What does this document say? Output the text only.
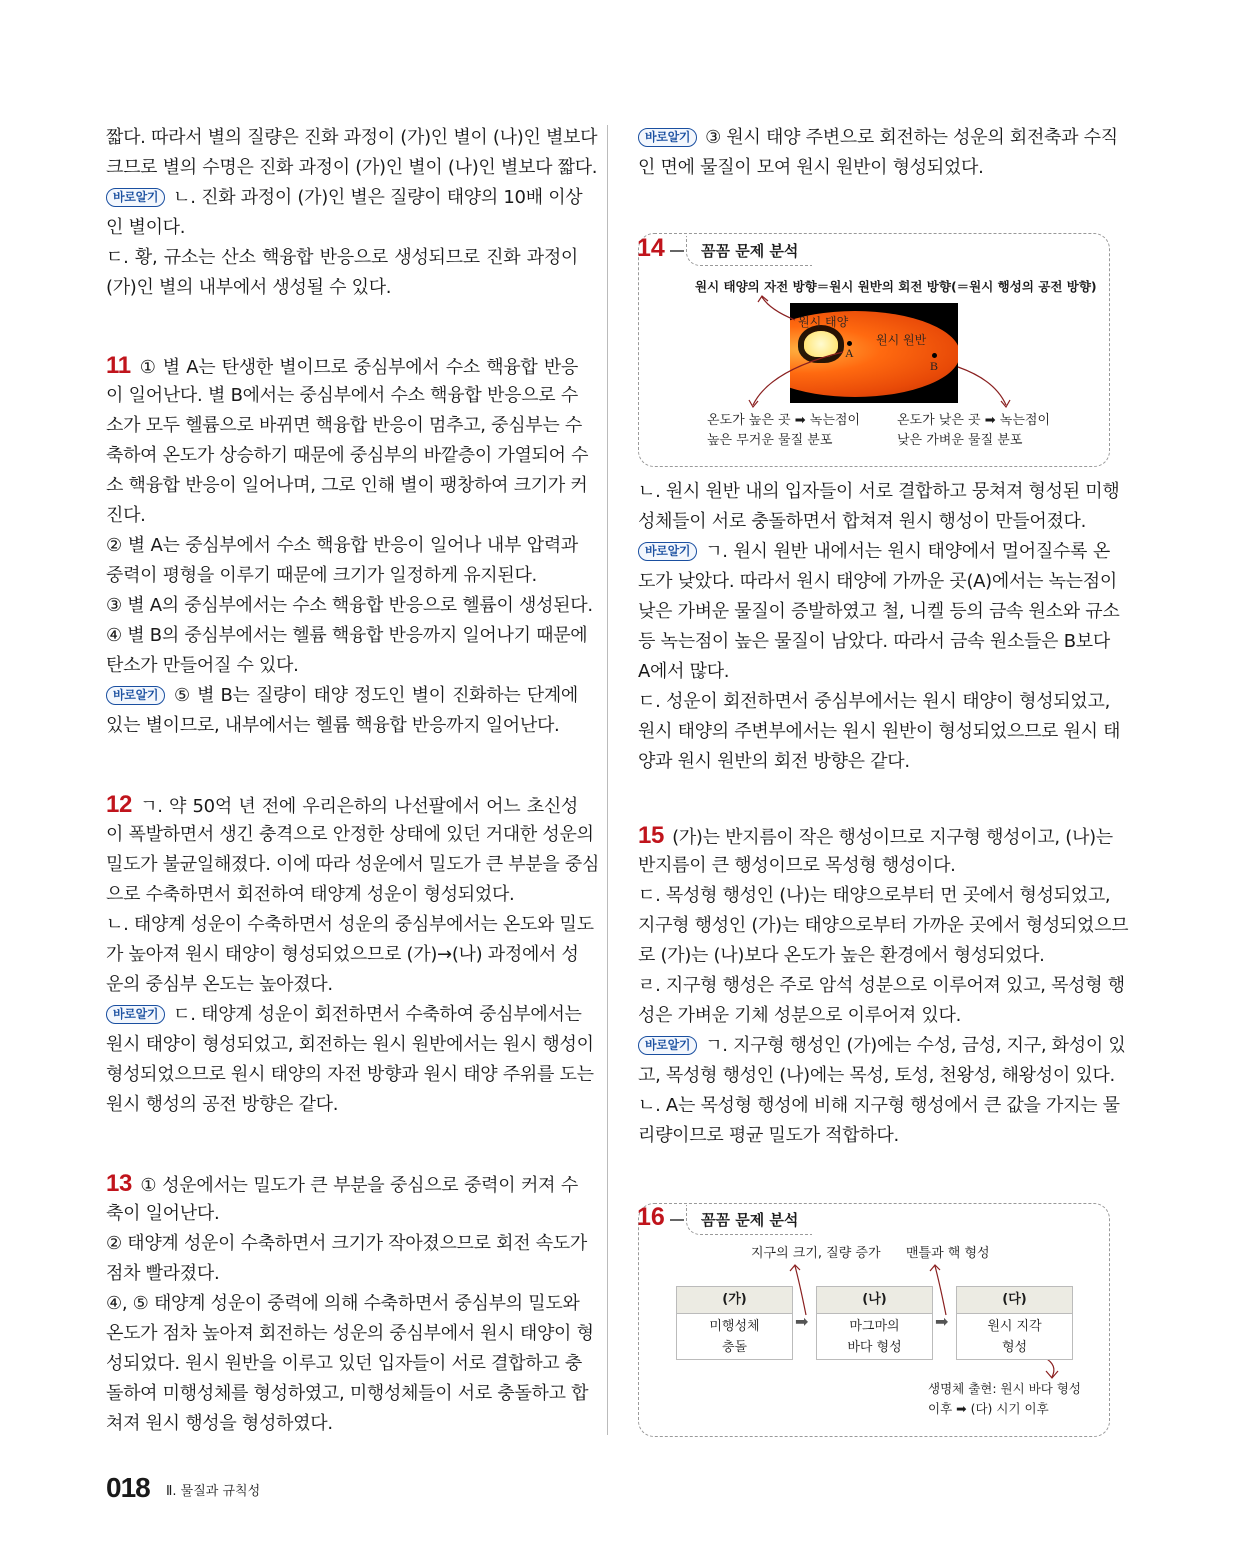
짧다. 따라서 별의 질량은 진화 과정이 (가)인 별이 (나)인 별보다
크므로 별의 수명은 진화 과정이 (가)인 별이 (나)인 별보다 짧다.
바로알기 ㄴ. 진화 과정이 (가)인 별은 질량이 태양의 10배 이상
인 별이다.
ㄷ. 황, 규소는 산소 핵융합 반응으로 생성되므로 진화 과정이
(가)인 별의 내부에서 생성될 수 있다.
11 ① 별 A는 탄생한 별이므로 중심부에서 수소 핵융합 반응
이 일어난다. 별 B에서는 중심부에서 수소 핵융합 반응으로 수
소가 모두 헬륨으로 바뀌면 핵융합 반응이 멈추고, 중심부는 수
축하여 온도가 상승하기 때문에 중심부의 바깥층이 가열되어 수
소 핵융합 반응이 일어나며, 그로 인해 별이 팽창하여 크기가 커
진다.
② 별 A는 중심부에서 수소 핵융합 반응이 일어나 내부 압력과
중력이 평형을 이루기 때문에 크기가 일정하게 유지된다.
③ 별 A의 중심부에서는 수소 핵융합 반응으로 헬륨이 생성된다.
④ 별 B의 중심부에서는 헬륨 핵융합 반응까지 일어나기 때문에
탄소가 만들어질 수 있다.
바로알기 ⑤ 별 B는 질량이 태양 정도인 별이 진화하는 단계에
있는 별이므로, 내부에서는 헬륨 핵융합 반응까지 일어난다.
12 ㄱ. 약 50억 년 전에 우리은하의 나선팔에서 어느 초신성
이 폭발하면서 생긴 충격으로 안정한 상태에 있던 거대한 성운의
밀도가 불균일해졌다. 이에 따라 성운에서 밀도가 큰 부분을 중심
으로 수축하면서 회전하여 태양계 성운이 형성되었다.
ㄴ. 태양계 성운이 수축하면서 성운의 중심부에서는 온도와 밀도
가 높아져 원시 태양이 형성되었으므로 (가)→(나) 과정에서 성
운의 중심부 온도는 높아졌다.
바로알기 ㄷ. 태양계 성운이 회전하면서 수축하여 중심부에서는
원시 태양이 형성되었고, 회전하는 원시 원반에서는 원시 행성이
형성되었으므로 원시 태양의 자전 방향과 원시 태양 주위를 도는
원시 행성의 공전 방향은 같다.
13 ① 성운에서는 밀도가 큰 부분을 중심으로 중력이 커져 수
축이 일어난다.
② 태양계 성운이 수축하면서 크기가 작아졌으므로 회전 속도가
점차 빨라졌다.
④, ⑤ 태양계 성운이 중력에 의해 수축하면서 중심부의 밀도와
온도가 점차 높아져 회전하는 성운의 중심부에서 원시 태양이 형
성되었다. 원시 원반을 이루고 있던 입자들이 서로 결합하고 충
돌하여 미행성체를 형성하였고, 미행성체들이 서로 충돌하고 합
쳐져 원시 행성을 형성하였다.
바로알기 ③ 원시 태양 주변으로 회전하는 성운의 회전축과 수직
인 면에 물질이 모여 원시 원반이 형성되었다.
ㄴ. 원시 원반 내의 입자들이 서로 결합하고 뭉쳐져 형성된 미행
성체들이 서로 충돌하면서 합쳐져 원시 행성이 만들어졌다.
바로알기 ㄱ. 원시 원반 내에서는 원시 태양에서 멀어질수록 온
도가 낮았다. 따라서 원시 태양에 가까운 곳(A)에서는 녹는점이
낮은 가벼운 물질이 증발하였고 철, 니켈 등의 금속 원소와 규소
등 녹는점이 높은 물질이 남았다. 따라서 금속 원소들은 B보다
A에서 많다.
ㄷ. 성운이 회전하면서 중심부에서는 원시 태양이 형성되었고,
원시 태양의 주변부에서는 원시 원반이 형성되었으므로 원시 태
양과 원시 원반의 회전 방향은 같다.
15 (가)는 반지름이 작은 행성이므로 지구형 행성이고, (나)는
반지름이 큰 행성이므로 목성형 행성이다.
ㄷ. 목성형 행성인 (나)는 태양으로부터 먼 곳에서 형성되었고,
지구형 행성인 (가)는 태양으로부터 가까운 곳에서 형성되었으므
로 (가)는 (나)보다 온도가 높은 환경에서 형성되었다.
ㄹ. 지구형 행성은 주로 암석 성분으로 이루어져 있고, 목성형 행
성은 가벼운 기체 성분으로 이루어져 있다.
바로알기 ㄱ. 지구형 행성인 (가)에는 수성, 금성, 지구, 화성이 있
고, 목성형 행성인 (나)에는 목성, 토성, 천왕성, 해왕성이 있다.
ㄴ. A는 목성형 행성에 비해 지구형 행성에서 큰 값을 가지는 물
리량이므로 평균 밀도가 적합하다.
14	꼼꼼 문제 분석
원시 태양의 자전 방향＝원시 원반의 회전 방향(＝원시 행성의 공전 방향)
원시 태양
원시 원반
A
B
온도가 높은 곳 ➡ 녹는점이
높은 무거운 물질 분포
온도가 낮은 곳 ➡ 녹는점이
낮은 가벼운 물질 분포
16	꼼꼼 문제 분석
지구의 크기, 질량 증가 맨틀과 핵 형성
(가)
미행성체
충돌
➡
(나)
마그마의
바다 형성
➡
(다)
원시 지각
형성
생명체 출현: 원시 바다 형성
이후 ➡ (다) 시기 이후
018 Ⅱ. 물질과 규칙성
